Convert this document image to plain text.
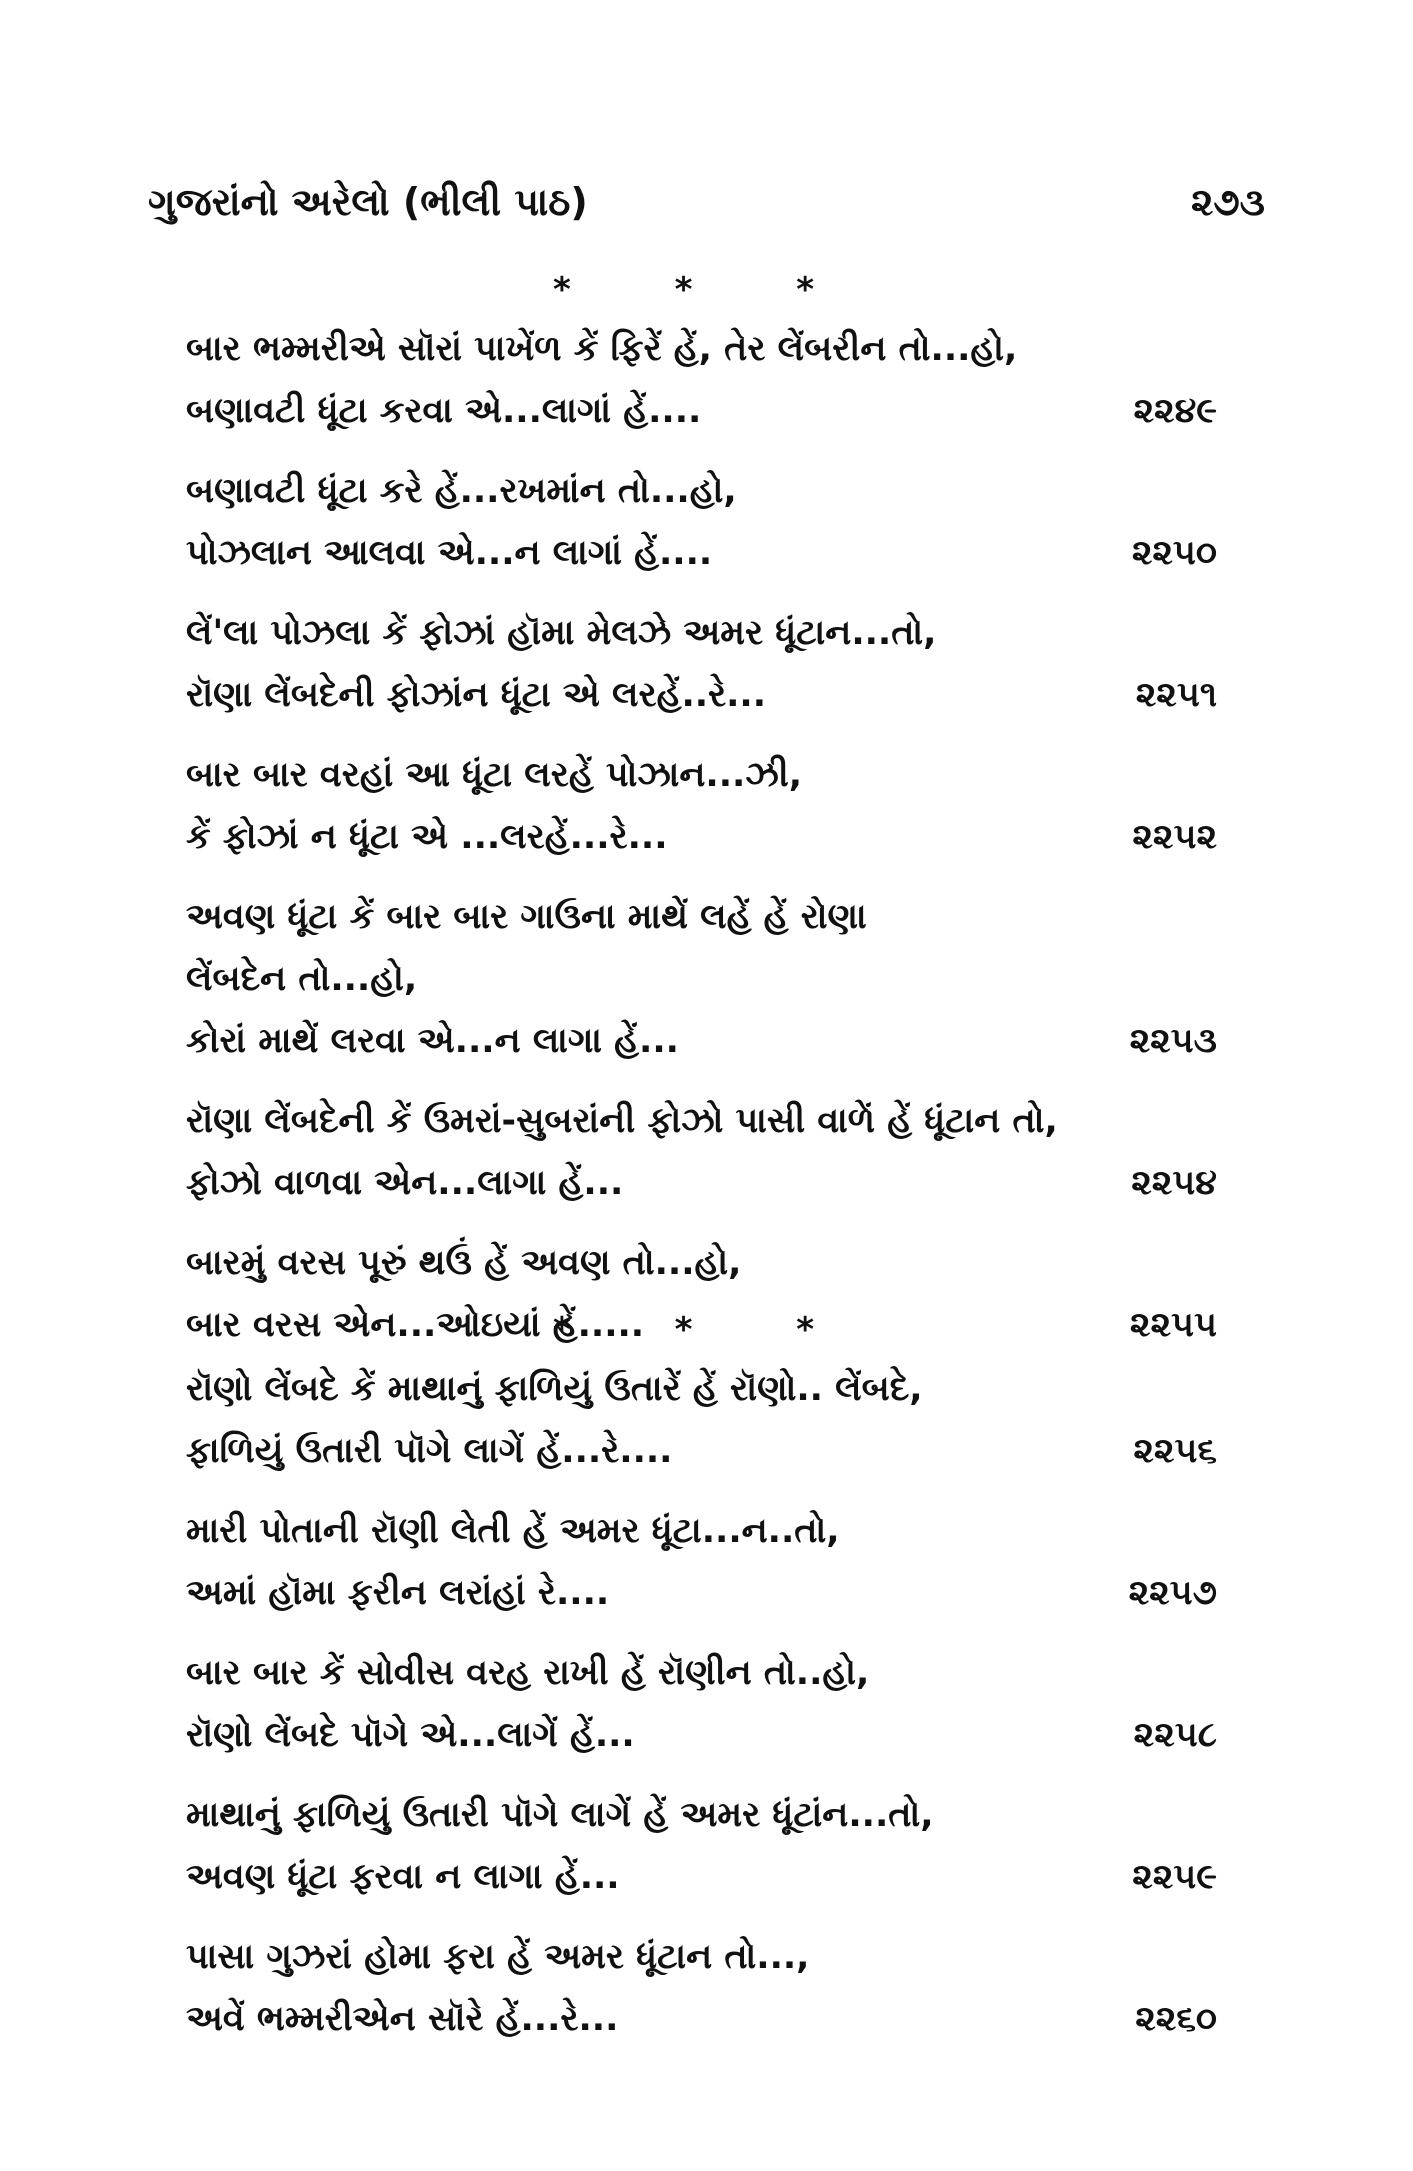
ગુજરાંનો અરેલો (ભીલી પાઠ)	૨૭૩
* * *
બાર ભમ્મરીએ સૉરાં પાખેંળ કેં ફિરેં હેં, તેર લેંબરીન તો...હો,
બણાવટી ધૂંટા કરવા એ...લાગાં હેં....	૨૨૪૯
બણાવટી ધૂંટા કરે હેં...રખમાંન તો...હો,
પોઝલાન આલવા એ...ન લાગાં હેં....	૨૨૫૦
લેં'લા પોઝલા કેં ફોઝાં હૉમા મેલઝે અમર ધૂંટાન...તો,
રૉણા લેંબદેની ફોઝાંન ધૂંટા એ લરહેં..રે...	૨૨૫૧
બાર બાર વરહાં આ ધૂંટા લરહેં પોઝાન...ઝી,
કેં ફોઝાં ન ધૂંટા એ ...લરહેં...રે...	૨૨૫૨
અવણ ધૂંટા કેં બાર બાર ગાઉના માથેં લહેં હેં રોણા
લેંબદેન તો...હો,
કોરાં માથેં લરવા એ...ન લાગા હેં...	૨૨૫૩
રૉણા લેંબદેની કેં ઉમરાં-સુબરાંની ફોઝો પાસી વાળેં હેં ધૂંટાન તો,
ફોઝો વાળવા એન...લાગા હેં...	૨૨૫૪
બારમું વરસ પૂરું થઉં હેં અવણ તો...હો,
બાર વરસ એન...ઓઇયાં હેં.....	૨૨૫૫
* * *
રૉણો લેંબદે કેં માથાનું ફાળિયું ઉતારેં હેં રૉણો.. લેંબદે,
ફાળિયું ઉતારી પૉગે લાગેં હેં...રે....	૨૨૫૬
મારી પોતાની રૉણી લેતી હેં અમર ધૂંટા...ન..તો,
અમાં હૉમા ફરીન લરાંહાં રે....	૨૨૫૭
બાર બાર કેં સોવીસ વરહ રાખી હેં રૉણીન તો..હો,
રૉણો લેંબદે પૉગે એ...લાગેં હેં...	૨૨૫૮
માથાનું ફાળિયું ઉતારી પૉગે લાગેં હેં અમર ધૂંટાંન...તો,
અવણ ધૂંટા ફરવા ન લાગા હેં...	૨૨૫૯
પાસા ગુઝરાં હોમા ફરા હેં અમર ધૂંટાન તો...,
અવેં ભમ્મરીએન સૉરે હેં...રે...	૨૨૬૦
